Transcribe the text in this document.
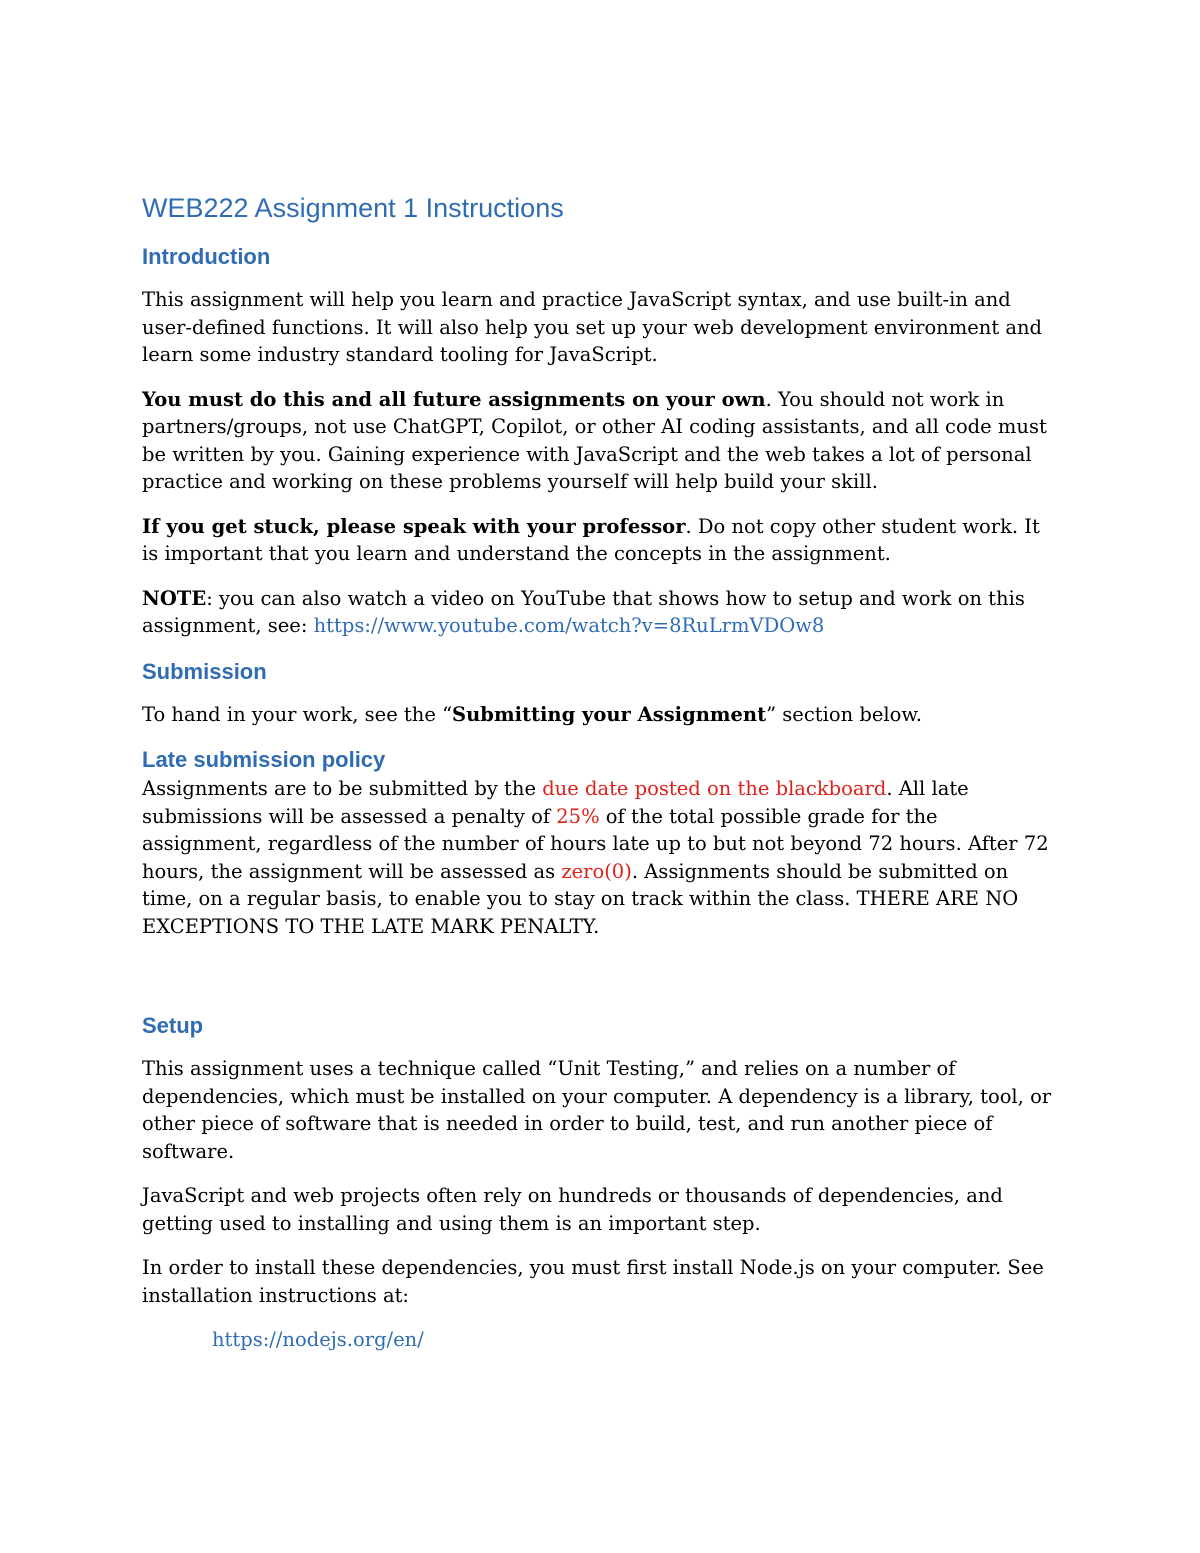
WEB222 Assignment 1 Instructions
Introduction

This assignment will help you learn and practice JavaScript syntax, and use built-in and user-defined functions. It will also help you set up your web development environment and learn some industry standard tooling for JavaScript.

You must do this and all future assignments on your own. You should not work in partners/groups, not use ChatGPT, Copilot, or other AI coding assistants, and all code must be written by you. Gaining experience with JavaScript and the web takes a lot of personal practice and working on these problems yourself will help build your skill.

If you get stuck, please speak with your professor. Do not copy other student work. It is important that you learn and understand the concepts in the assignment.

NOTE: you can also watch a video on YouTube that shows how to setup and work on this assignment, see: https://www.youtube.com/watch?v=8RuLrmVDOw8

Submission

To hand in your work, see the “Submitting your Assignment” section below.

Late submission policy

Assignments are to be submitted by the due date posted on the blackboard. All late submissions will be assessed a penalty of 25% of the total possible grade for the assignment, regardless of the number of hours late up to but not beyond 72 hours. After 72 hours, the assignment will be assessed as zero(0). Assignments should be submitted on time, on a regular basis, to enable you to stay on track within the class. THERE ARE NO EXCEPTIONS TO THE LATE MARK PENALTY.

Setup

This assignment uses a technique called “Unit Testing,” and relies on a number of dependencies, which must be installed on your computer. A dependency is a library, tool, or other piece of software that is needed in order to build, test, and run another piece of software.

JavaScript and web projects often rely on hundreds or thousands of dependencies, and getting used to installing and using them is an important step.

In order to install these dependencies, you must first install Node.js on your computer. See installation instructions at:

https://nodejs.org/en/
